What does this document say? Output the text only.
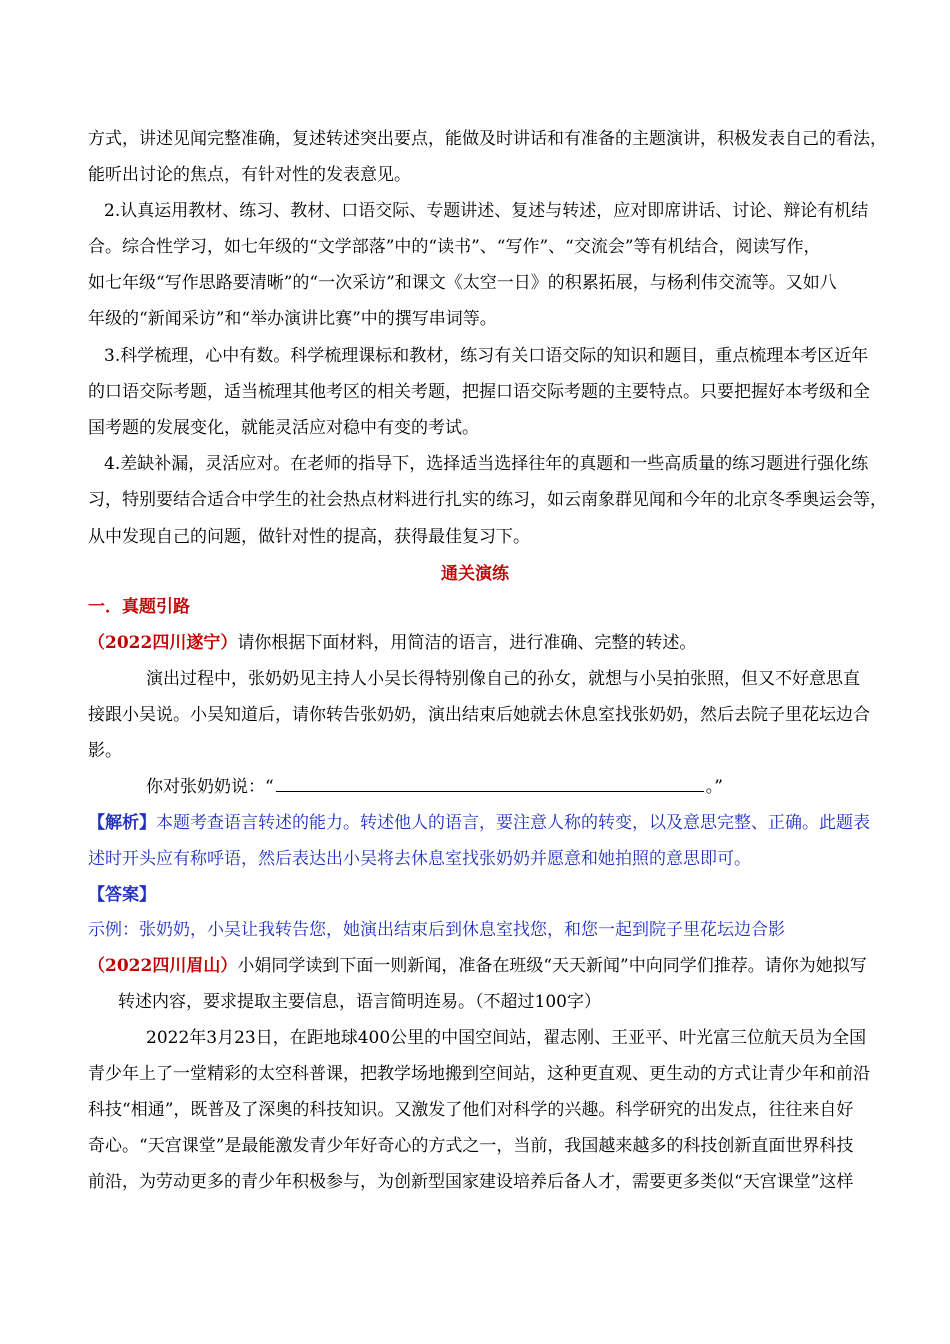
方式，讲述见闻完整准确，复述转述突出要点，能做及时讲话和有准备的主题演讲，积极发表自己的看法，
能听出讨论的焦点，有针对性的发表意见。
2.认真运用教材、练习、教材、口语交际、专题讲述、复述与转述，应对即席讲话、讨论、辩论有机结
合。综合性学习，如七年级的“文学部落”中的“读书”、“写作”、“交流会”等有机结合，阅读写作，
如七年级“写作思路要清晰”的“一次采访”和课文《太空一日》的积累拓展，与杨利伟交流等。又如八
年级的“新闻采访”和“举办演讲比赛”中的撰写串词等。
3.科学梳理，心中有数。科学梳理课标和教材，练习有关口语交际的知识和题目，重点梳理本考区近年
的口语交际考题，适当梳理其他考区的相关考题，把握口语交际考题的主要特点。只要把握好本考级和全
国考题的发展变化，就能灵活应对稳中有变的考试。
4.差缺补漏，灵活应对。在老师的指导下，选择适当选择往年的真题和一些高质量的练习题进行强化练
习，特别要结合适合中学生的社会热点材料进行扎实的练习，如云南象群见闻和今年的北京冬季奥运会等，
从中发现自己的问题，做针对性的提高，获得最佳复习下。
通关演练
一．真题引路
（2022四川遂宁）请你根据下面材料，用简洁的语言，进行准确、完整的转述。
演出过程中，张奶奶见主持人小吴长得特别像自己的孙女，就想与小吴拍张照，但又不好意思直
接跟小吴说。小吴知道后，请你转告张奶奶，演出结束后她就去休息室找张奶奶，然后去院子里花坛边合
影。
你对张奶奶说：“	。”
【解析】本题考查语言转述的能力。转述他人的语言，要注意人称的转变，以及意思完整、正确。此题表
述时开头应有称呼语，然后表达出小吴将去休息室找张奶奶并愿意和她拍照的意思即可。
【答案】
示例：张奶奶，小吴让我转告您，她演出结束后到休息室找您，和您一起到院子里花坛边合影
（2022四川眉山）小娟同学读到下面一则新闻，准备在班级“天天新闻”中向同学们推荐。请你为她拟写
转述内容，要求提取主要信息，语言简明连易。（不超过100字）
2022年3月23日，在距地球400公里的中国空间站，翟志刚、王亚平、叶光富三位航天员为全国
青少年上了一堂精彩的太空科普课，把教学场地搬到空间站，这种更直观、更生动的方式让青少年和前沿
科技“相通”，既普及了深奥的科技知识。又激发了他们对科学的兴趣。科学研究的出发点，往往来自好
奇心。“天宫课堂”是最能激发青少年好奇心的方式之一，当前，我国越来越多的科技创新直面世界科技
前沿，为劳动更多的青少年积极参与，为创新型国家建设培养后备人才，需要更多类似“天宫课堂”这样
